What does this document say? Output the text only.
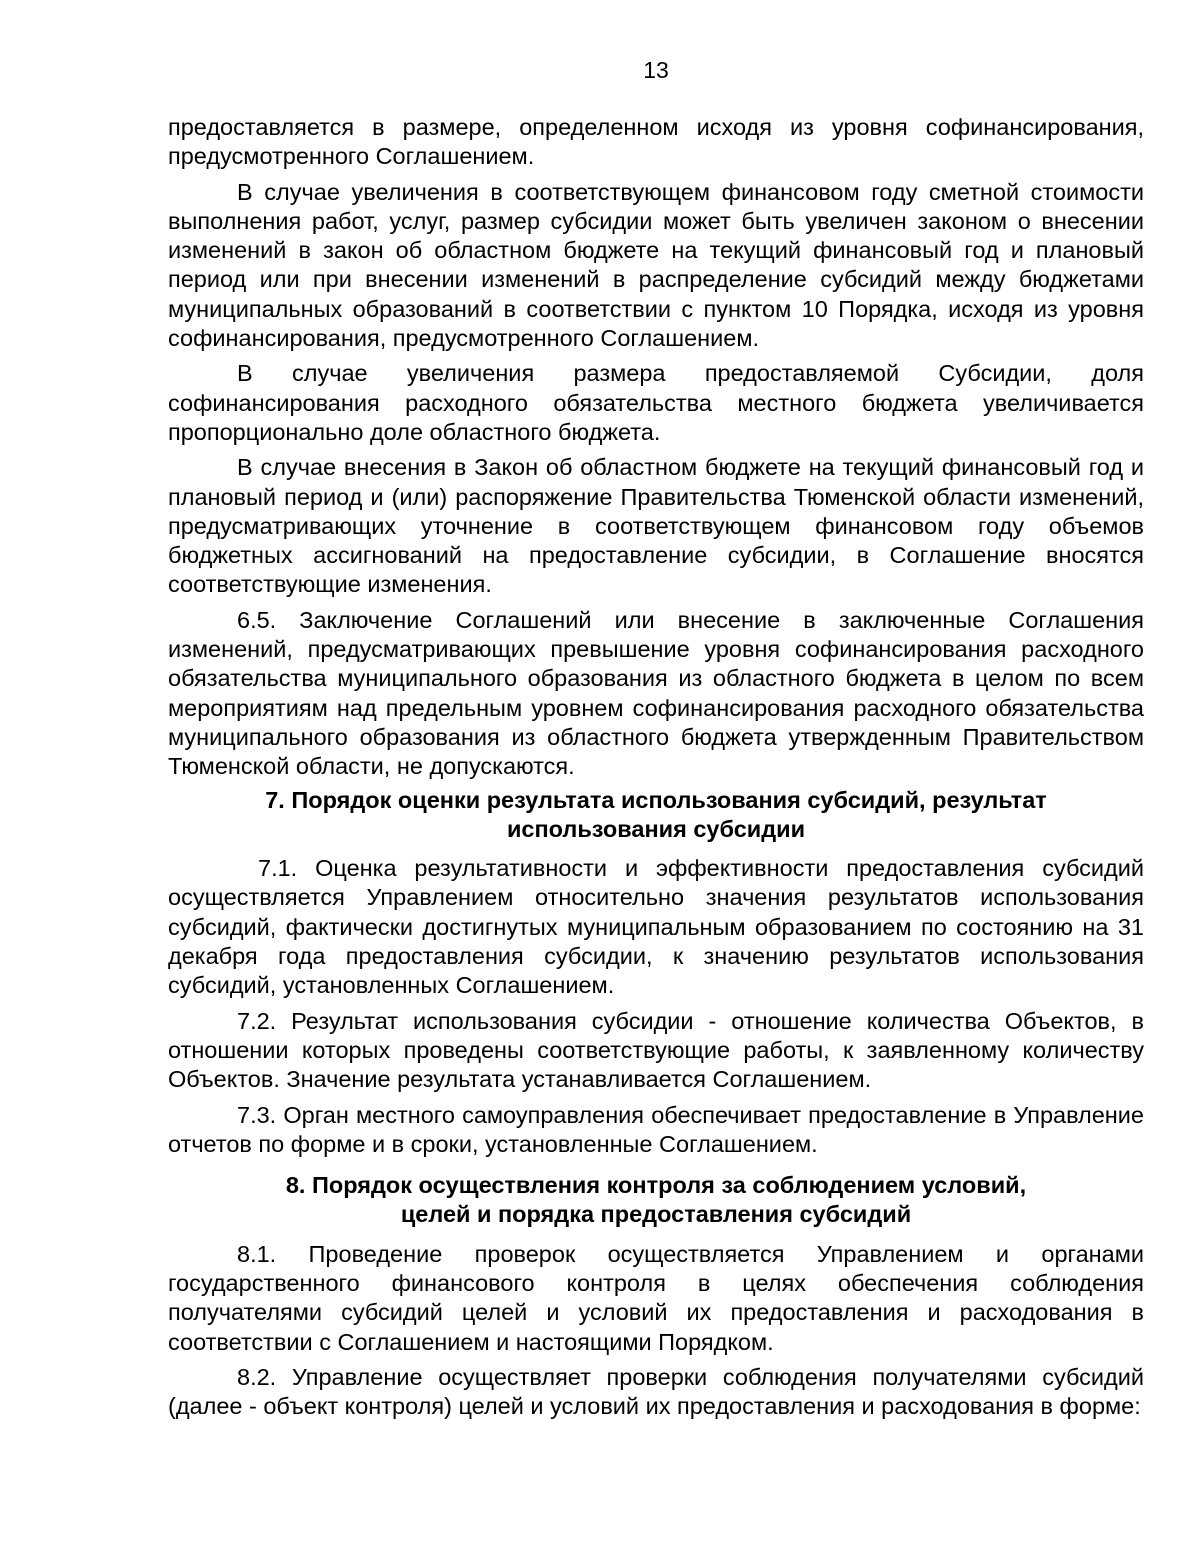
13

предоставляется в размере, определенном исходя из уровня софинансирования, предусмотренного Соглашением.

В случае увеличения в соответствующем финансовом году сметной стоимости выполнения работ, услуг, размер субсидии может быть увеличен законом о внесении изменений в закон об областном бюджете на текущий финансовый год и плановый период или при внесении изменений в распределение субсидий между бюджетами муниципальных образований в соответствии с пунктом 10 Порядка, исходя из уровня софинансирования, предусмотренного Соглашением.

В случае увеличения размера предоставляемой Субсидии, доля софинансирования расходного обязательства местного бюджета увеличивается пропорционально доле областного бюджета.

В случае внесения в Закон об областном бюджете на текущий финансовый год и плановый период и (или) распоряжение Правительства Тюменской области изменений, предусматривающих уточнение в соответствующем финансовом году объемов бюджетных ассигнований на предоставление субсидии, в Соглашение вносятся соответствующие изменения.

6.5. Заключение Соглашений или внесение в заключенные Соглашения изменений, предусматривающих превышение уровня софинансирования расходного обязательства муниципального образования из областного бюджета в целом по всем мероприятиям над предельным уровнем софинансирования расходного обязательства муниципального образования из областного бюджета утвержденным Правительством Тюменской области, не допускаются.

7. Порядок оценки результата использования субсидий, результат
использования субсидии

7.1. Оценка результативности и эффективности предоставления субсидий осуществляется Управлением относительно значения результатов использования субсидий, фактически достигнутых муниципальным образованием по состоянию на 31 декабря года предоставления субсидии, к значению результатов использования субсидий, установленных Соглашением.

7.2. Результат использования субсидии - отношение количества Объектов, в отношении которых проведены соответствующие работы, к заявленному количеству Объектов. Значение результата устанавливается Соглашением.

7.3. Орган местного самоуправления обеспечивает предоставление в Управление отчетов по форме и в сроки, установленные Соглашением.

8. Порядок осуществления контроля за соблюдением условий,
целей и порядка предоставления субсидий

8.1. Проведение проверок осуществляется Управлением и органами государственного финансового контроля в целях обеспечения соблюдения получателями субсидий целей и условий их предоставления и расходования в соответствии с Соглашением и настоящими Порядком.

8.2. Управление осуществляет проверки соблюдения получателями субсидий (далее - объект контроля) целей и условий их предоставления и расходования в форме:
